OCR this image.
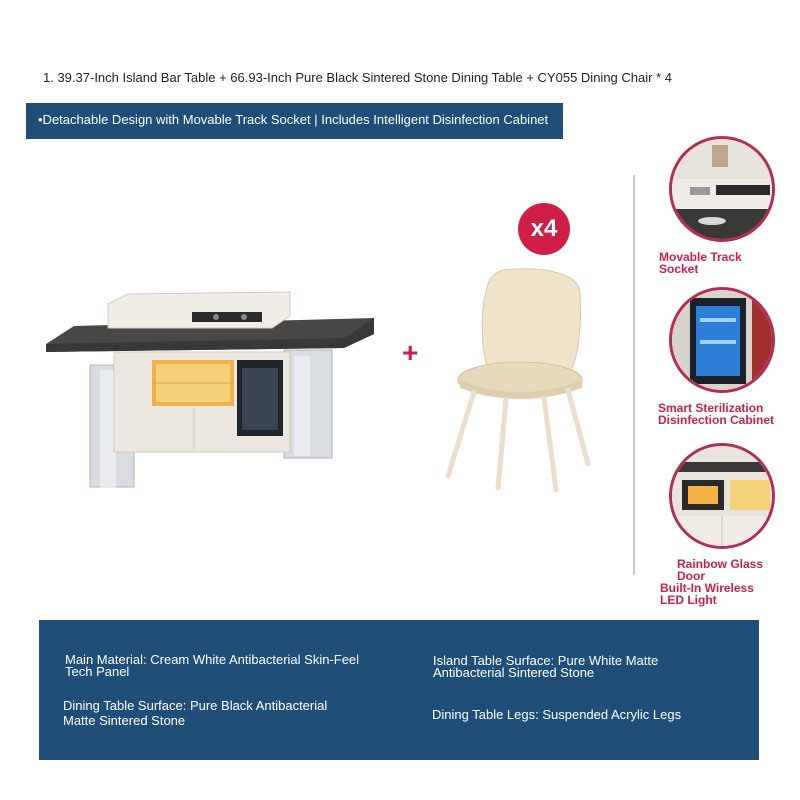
1. 39.37-Inch Island Bar Table + 66.93-Inch Pure Black Sintered Stone Dining Table + CY055 Dining Chair * 4
•Detachable Design with Movable Track Socket | Includes Intelligent Disinfection Cabinet
+
x4
Movable Track
Socket
Smart Sterilization
Disinfection Cabinet
Rainbow Glass
Door
Built-In Wireless
LED Light
Main Material: Cream White Antibacterial Skin-Feel
Tech Panel
Island Table Surface: Pure White Matte
Antibacterial Sintered Stone
Dining Table Surface: Pure Black Antibacterial
Matte Sintered Stone	Dining Table Legs: Suspended Acrylic Legs
